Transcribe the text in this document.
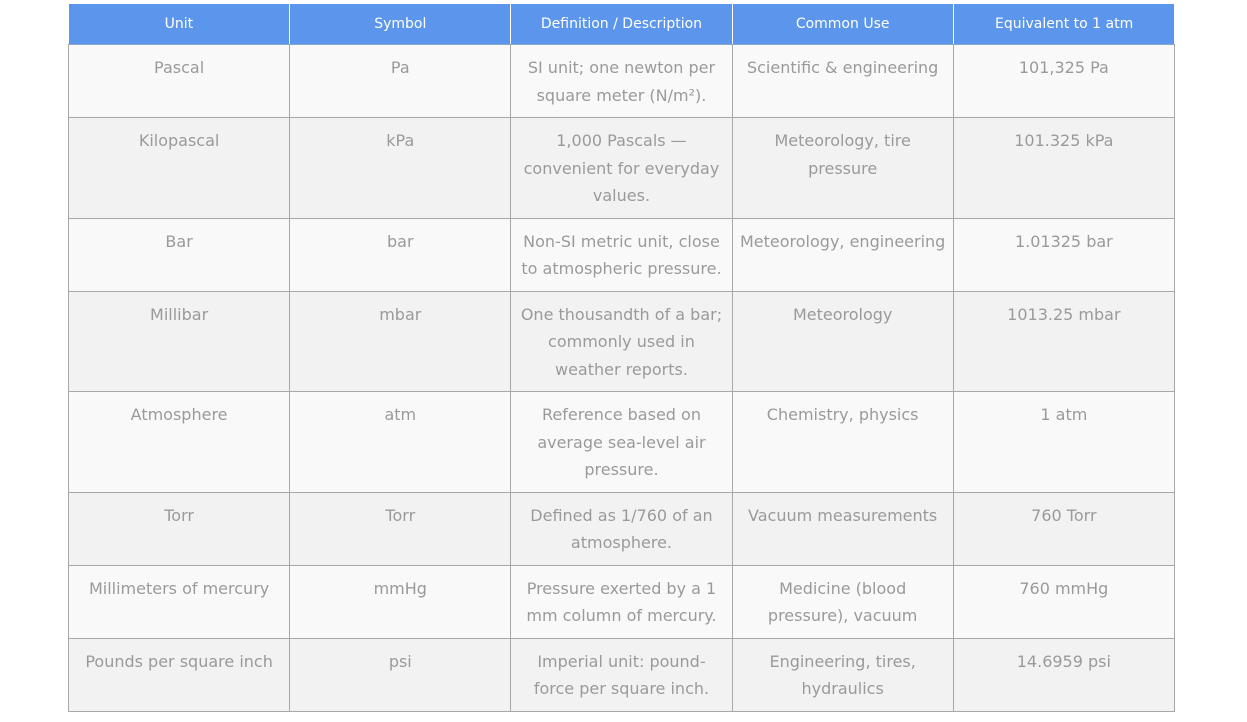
Unit	Symbol	Definition / Description	Common Use	Equivalent to 1 atm
Pascal	Pa	SI unit; one newton per square meter (N/m²).	Scientific & engineering	101,325 Pa
Kilopascal	kPa	1,000 Pascals — convenient for everyday values.	Meteorology, tire pressure	101.325 kPa
Bar	bar	Non-SI metric unit, close to atmospheric pressure.	Meteorology, engineering	1.01325 bar
Millibar	mbar	One thousandth of a bar; commonly used in weather reports.	Meteorology	1013.25 mbar
Atmosphere	atm	Reference based on average sea-level air pressure.	Chemistry, physics	1 atm
Torr	Torr	Defined as 1/760 of an atmosphere.	Vacuum measurements	760 Torr
Millimeters of mercury	mmHg	Pressure exerted by a 1 mm column of mercury.	Medicine (blood pressure), vacuum	760 mmHg
Pounds per square inch	psi	Imperial unit: pound-force per square inch.	Engineering, tires, hydraulics	14.6959 psi
